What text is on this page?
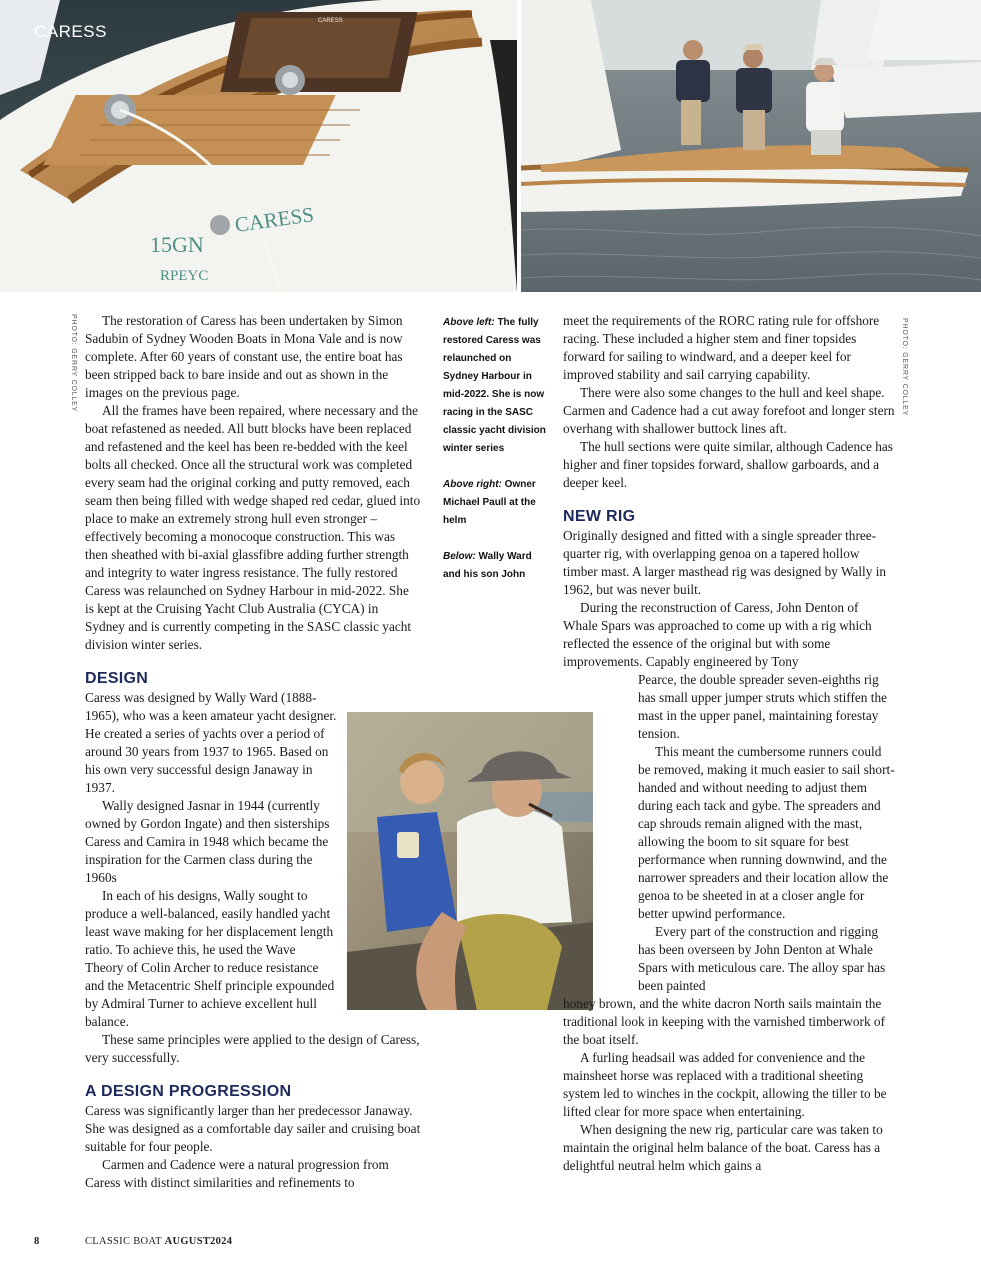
15GN
RPEYC
CARESS
CARESS
CARESS
PHOTO: GERRY COLLEY	PHOTO: GERRY COLLEY

The restoration of Caress has been undertaken by Simon Sadubin of Sydney Wooden Boats in Mona Vale and is now complete. After 60 years of constant use, the entire boat has been stripped back to bare inside and out as shown in the images on the previous page.

All the frames have been repaired, where necessary and the boat refastened as needed. All butt blocks have been replaced and refastened and the keel has been re-bedded with the keel bolts all checked. Once all the structural work was completed every seam had the original corking and putty removed, each seam then being filled with wedge shaped red cedar, glued into place to make an extremely strong hull even stronger – effectively becoming a monocoque construction. This was then sheathed with bi-axial glassfibre adding further strength and integrity to water ingress resistance. The fully restored Caress was relaunched on Sydney Harbour in mid-2022. She is kept at the Cruising Yacht Club Australia (CYCA) in Sydney and is currently competing in the SASC classic yacht division winter series.

DESIGN

Caress was designed by Wally Ward (1888-1965), who was a keen amateur yacht designer. He created a series of yachts over a period of around 30 years from 1937 to 1965. Based on his own very successful design Janaway in 1937.

Wally designed Jasnar in 1944 (currently owned by Gordon Ingate) and then sisterships Caress and Camira in 1948 which became the inspiration for the Carmen class during the 1960s

In each of his designs, Wally sought to produce a well-balanced, easily handled yacht least wave making for her displacement length ratio. To achieve this, he used the Wave Theory of Colin Archer to reduce resistance and the Metacentric Shelf principle expounded by Admiral Turner to achieve excellent hull balance.

These same principles were applied to the design of Caress, very successfully.

A DESIGN PROGRESSION

Caress was significantly larger than her predecessor Janaway. She was designed as a comfortable day sailer and cruising boat suitable for four people.

Carmen and Cadence were a natural progression from Caress with distinct similarities and refinements to

Above left: The fully restored Caress was relaunched on Sydney Harbour in mid-2022. She is now racing in the SASC classic yacht division winter series

Above right: Owner Michael Paull at the helm

Below: Wally Ward and his son John

meet the requirements of the RORC rating rule for offshore racing. These included a higher stem and finer topsides forward for sailing to windward, and a deeper keel for improved stability and sail carrying capability.

There were also some changes to the hull and keel shape. Carmen and Cadence had a cut away forefoot and longer stern overhang with shallower buttock lines aft.

The hull sections were quite similar, although Cadence has higher and finer topsides forward, shallow garboards, and a deeper keel.

NEW RIG

Originally designed and fitted with a single spreader three-quarter rig, with overlapping genoa on a tapered hollow timber mast. A larger masthead rig was designed by Wally in 1962, but was never built.

During the reconstruction of Caress, John Denton of Whale Spars was approached to come up with a rig which reflected the essence of the original but with some improvements. Capably engineered by Tony

Pearce, the double spreader seven-eighths rig has small upper jumper struts which stiffen the mast in the upper panel, maintaining forestay tension.

This meant the cumbersome runners could be removed, making it much easier to sail short-handed and without needing to adjust them during each tack and gybe. The spreaders and cap shrouds remain aligned with the mast, allowing the boom to sit square for best performance when running downwind, and the narrower spreaders and their location allow the genoa to be sheeted in at a closer angle for better upwind performance.

Every part of the construction and rigging has been overseen by John Denton at Whale Spars with meticulous care. The alloy spar has been painted

honey brown, and the white dacron North sails maintain the traditional look in keeping with the varnished timberwork of the boat itself.

A furling headsail was added for convenience and the mainsheet horse was replaced with a traditional sheeting system led to winches in the cockpit, allowing the tiller to be lifted clear for more space when entertaining.

When designing the new rig, particular care was taken to maintain the original helm balance of the boat. Caress has a delightful neutral helm which gains a

8	CLASSIC BOAT AUGUST2024
